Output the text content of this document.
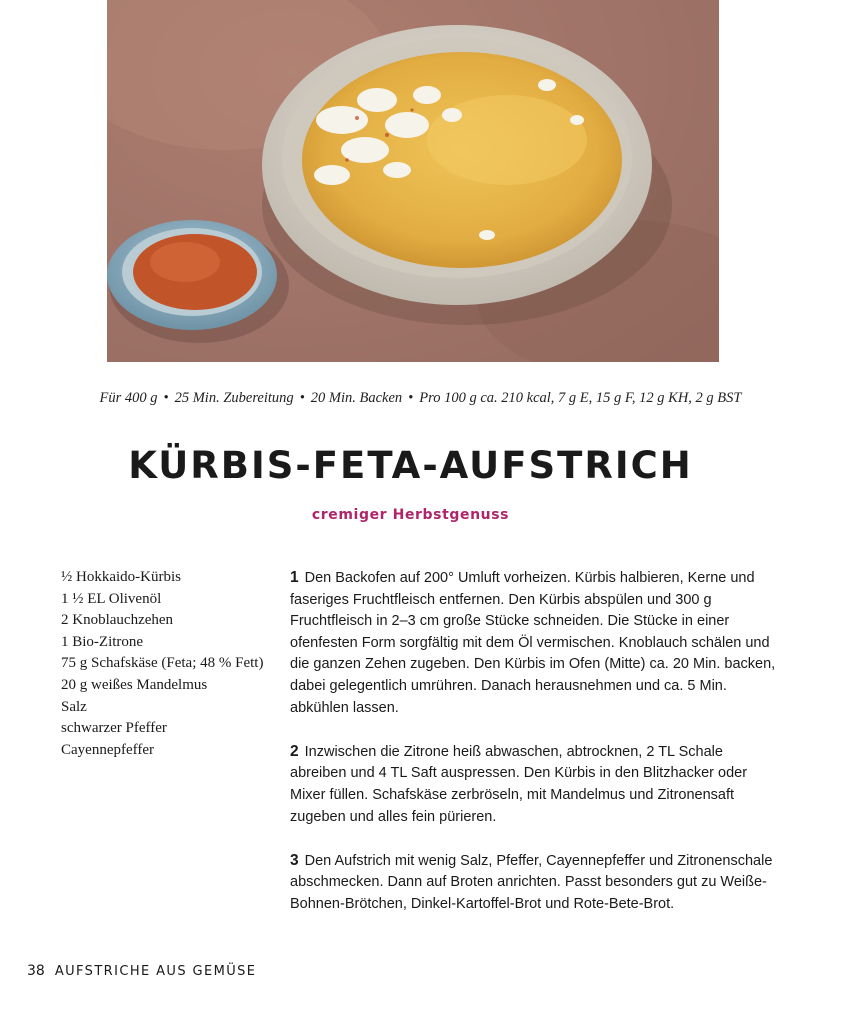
Für 400 g • 25 Min. Zubereitung • 20 Min. Backen • Pro 100 g ca. 210 kcal, 7 g E, 15 g F, 12 g KH, 2 g BST
KÜRBIS-FETA-AUFSTRICH
cremiger Herbstgenuss
½ Hokkaido-Kürbis
1 ½ EL Olivenöl
2 Knoblauchzehen
1 Bio-Zitrone
75 g Schafskäse (Feta; 48 % Fett)
20 g weißes Mandelmus
Salz
schwarzer Pfeffer
Cayennepfeffer

1 Den Backofen auf 200° Umluft vorheizen. Kürbis halbieren, Kerne und faseriges Fruchtfleisch entfernen. Den Kürbis abspülen und 300 g Fruchtfleisch in 2–3 cm große Stücke schneiden. Die Stücke in einer ofenfesten Form sorgfältig mit dem Öl vermischen. Knoblauch schälen und die ganzen Zehen zugeben. Den Kürbis im Ofen (Mitte) ca. 20 Min. backen, dabei gelegentlich umrühren. Danach herausnehmen und ca. 5 Min. abkühlen lassen.

2 Inzwischen die Zitrone heiß abwaschen, abtrocknen, 2 TL Schale abreiben und 4 TL Saft auspressen. Den Kürbis in den Blitzhacker oder Mixer füllen. Schafskäse zerbröseln, mit Mandelmus und Zitronensaft zugeben und alles fein pürieren.

3 Den Aufstrich mit wenig Salz, Pfeffer, Cayennepfeffer und Zitronenschale abschmecken. Dann auf Broten anrichten. Passt besonders gut zu Weiße-Bohnen-Brötchen, Dinkel-Kartoffel-Brot und Rote-Bete-Brot.

38 AUFSTRICHE AUS GEMÜSE
